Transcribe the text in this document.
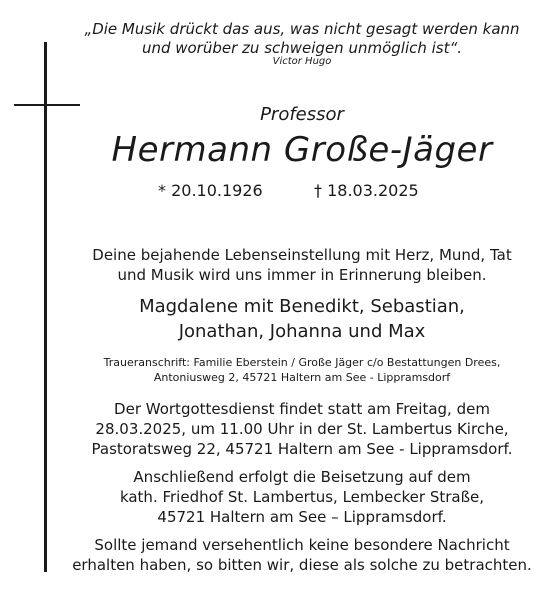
„Die Musik drückt das aus, was nicht gesagt werden kann
und worüber zu schweigen unmöglich ist“.
Victor Hugo
Professor
Hermann Große-Jäger
* 20.10.1926	† 18.03.2025
Deine bejahende Lebenseinstellung mit Herz, Mund, Tat
und Musik wird uns immer in Erinnerung bleiben.
Magdalene mit Benedikt, Sebastian,
Jonathan, Johanna und Max
Traueranschrift: Familie Eberstein / Große Jäger c/o Bestattungen Drees,
Antoniusweg 2, 45721 Haltern am See - Lippramsdorf
Der Wortgottesdienst findet statt am Freitag, dem
28.03.2025, um 11.00 Uhr in der St. Lambertus Kirche,
Pastoratsweg 22, 45721 Haltern am See - Lippramsdorf.
Anschließend erfolgt die Beisetzung auf dem
kath. Friedhof St. Lambertus, Lembecker Straße,
45721 Haltern am See – Lippramsdorf.
Sollte jemand versehentlich keine besondere Nachricht
erhalten haben, so bitten wir, diese als solche zu betrachten.
